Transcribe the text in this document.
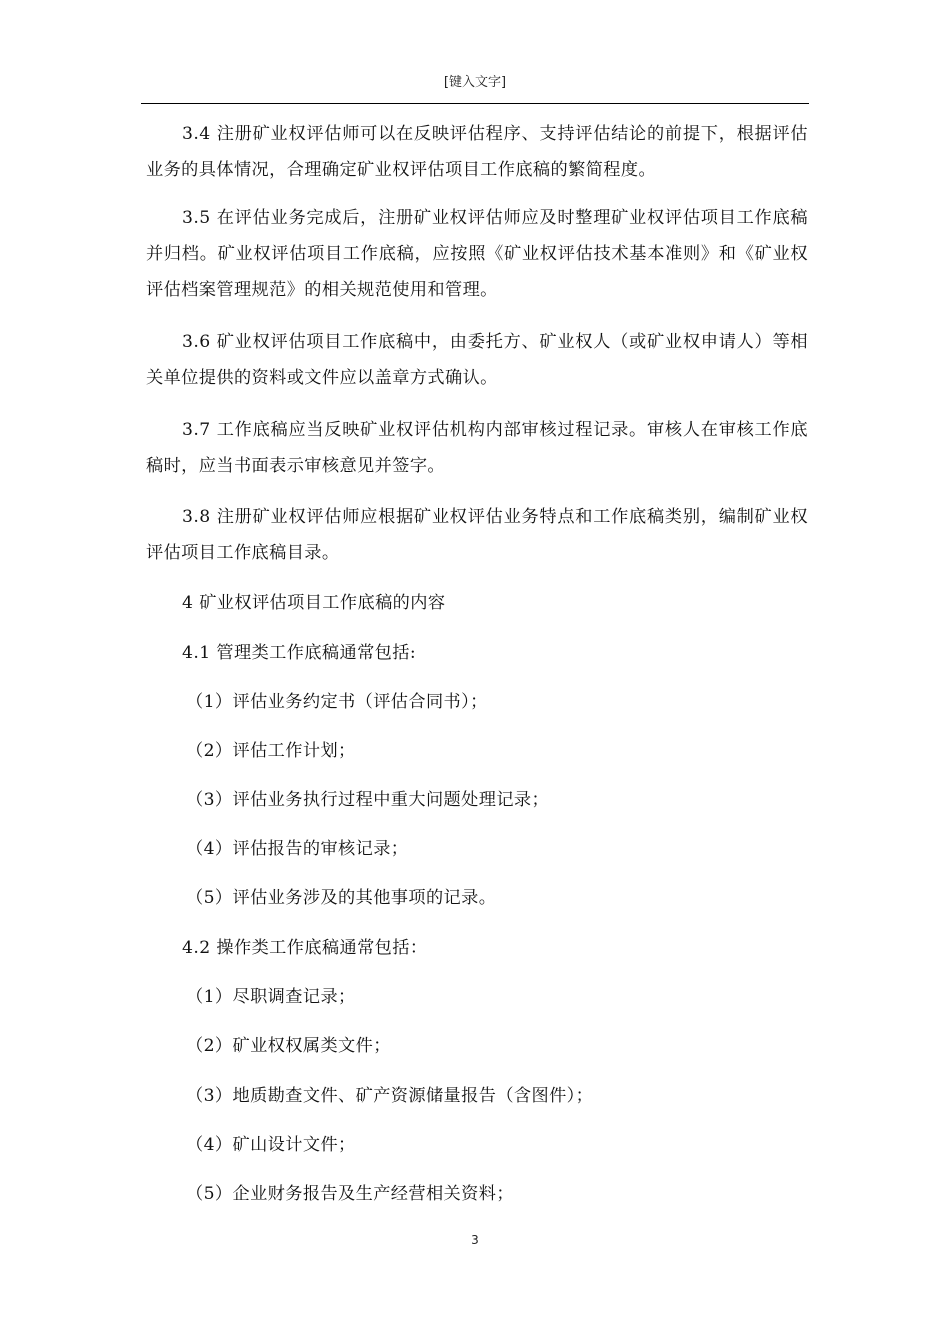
[键入文字]

3.4 注册矿业权评估师可以在反映评估程序、支持评估结论的前提下，根据评估业务的具体情况，合理确定矿业权评估项目工作底稿的繁简程度。

3.5 在评估业务完成后，注册矿业权评估师应及时整理矿业权评估项目工作底稿并归档。矿业权评估项目工作底稿，应按照《矿业权评估技术基本准则》和《矿业权评估档案管理规范》的相关规范使用和管理。

3.6 矿业权评估项目工作底稿中，由委托方、矿业权人（或矿业权申请人）等相关单位提供的资料或文件应以盖章方式确认。

3.7 工作底稿应当反映矿业权评估机构内部审核过程记录。审核人在审核工作底稿时，应当书面表示审核意见并签字。

3.8 注册矿业权评估师应根据矿业权评估业务特点和工作底稿类别，编制矿业权评估项目工作底稿目录。

4 矿业权评估项目工作底稿的内容

4.1 管理类工作底稿通常包括:

（1）评估业务约定书（评估合同书）；

（2）评估工作计划；

（3）评估业务执行过程中重大问题处理记录；

（4）评估报告的审核记录；

（5）评估业务涉及的其他事项的记录。

4.2 操作类工作底稿通常包括：

（1）尽职调查记录；

（2）矿业权权属类文件；

（3）地质勘查文件、矿产资源储量报告（含图件）；

（4）矿山设计文件；

（5）企业财务报告及生产经营相关资料；

3
